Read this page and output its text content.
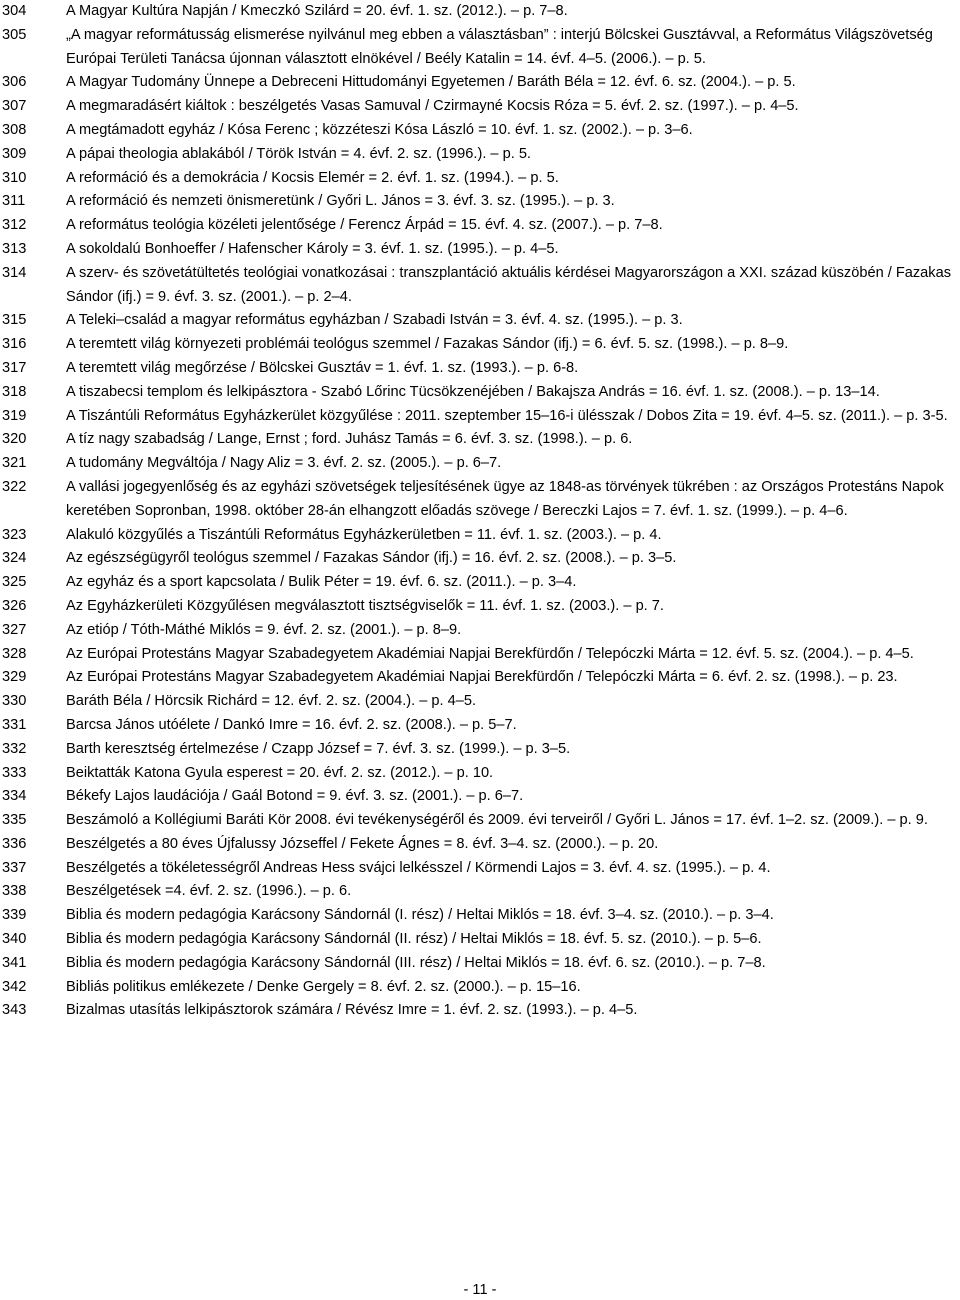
304	A Magyar Kultúra Napján / Kmeczkó Szilárd = 20. évf. 1. sz. (2012.). – p. 7–8.
305	„A magyar reformátusság elismerése nyilvánul meg ebben a választásban” : interjú Bölcskei Gusztávval, a Református Világszövetség Európai Területi Tanácsa újonnan választott elnökével / Beély Katalin = 14. évf. 4–5. (2006.). – p. 5.
306	A Magyar Tudomány Ünnepe a Debreceni Hittudományi Egyetemen / Baráth Béla = 12. évf. 6. sz. (2004.). – p. 5.
307	A megmaradásért kiáltok : beszélgetés Vasas Samuval / Czirmayné Kocsis Róza = 5. évf. 2. sz. (1997.). – p. 4–5.
308	A megtámadott egyház / Kósa Ferenc ; közzéteszi Kósa László = 10. évf. 1. sz. (2002.). – p. 3–6.
309	A pápai theologia ablakából / Török István = 4. évf. 2. sz. (1996.). – p. 5.
310	A reformáció és a demokrácia / Kocsis Elemér = 2. évf. 1. sz. (1994.). – p. 5.
311	A reformáció és nemzeti önismeretünk / Győri L. János = 3. évf. 3. sz. (1995.). – p. 3.
312	A református teológia közéleti jelentősége / Ferencz Árpád = 15. évf. 4. sz. (2007.). – p. 7–8.
313	A sokoldalú Bonhoeffer / Hafenscher Károly = 3. évf. 1. sz. (1995.). – p. 4–5.
314	A szerv- és szövetátültetés teológiai vonatkozásai : transzplantáció aktuális kérdései Magyarországon a XXI. század küszöbén / Fazakas Sándor (ifj.) = 9. évf. 3. sz. (2001.). – p. 2–4.
315	A Teleki–család a magyar református egyházban / Szabadi István = 3. évf. 4. sz. (1995.). – p. 3.
316	A teremtett világ környezeti problémái teológus szemmel / Fazakas Sándor (ifj.) = 6. évf. 5. sz. (1998.). – p. 8–9.
317	A teremtett világ megőrzése / Bölcskei Gusztáv = 1. évf. 1. sz. (1993.). – p. 6-8.
318	A tiszabecsi templom és lelkipásztora - Szabó Lőrinc Tücsökzenéjében / Bakajsza András = 16. évf. 1. sz. (2008.). – p. 13–14.
319	A Tiszántúli Református Egyházkerület közgyűlése : 2011. szeptember 15–16-i ülésszak / Dobos Zita = 19. évf. 4–5. sz. (2011.). – p. 3-5.
320	A tíz nagy szabadság / Lange, Ernst ; ford. Juhász Tamás = 6. évf. 3. sz. (1998.). – p. 6.
321	A tudomány Megváltója / Nagy Aliz = 3. évf. 2. sz. (2005.). – p. 6–7.
322	A vallási jogegyenlőség és az egyházi szövetségek teljesítésének ügye az 1848-as törvények tükrében : az Országos Protestáns Napok keretében Sopronban, 1998. október 28-án elhangzott előadás szövege / Bereczki Lajos = 7. évf. 1. sz. (1999.). – p. 4–6.
323	Alakuló közgyűlés a Tiszántúli Református Egyházkerületben = 11. évf. 1. sz. (2003.). – p. 4.
324	Az egészségügyről teológus szemmel / Fazakas Sándor (ifj.) = 16. évf. 2. sz. (2008.). – p. 3–5.
325	Az egyház és a sport kapcsolata / Bulik Péter = 19. évf. 6. sz. (2011.). – p. 3–4.
326	Az Egyházkerületi Közgyűlésen megválasztott tisztségviselők = 11. évf. 1. sz. (2003.). – p. 7.
327	Az etióp / Tóth-Máthé Miklós = 9. évf. 2. sz. (2001.). – p. 8–9.
328	Az Európai Protestáns Magyar Szabadegyetem Akadémiai Napjai Berekfürdőn / Telepóczki Márta = 12. évf. 5. sz. (2004.). – p. 4–5.
329	Az Európai Protestáns Magyar Szabadegyetem Akadémiai Napjai Berekfürdőn / Telepóczki Márta = 6. évf. 2. sz. (1998.). – p. 23.
330	Baráth Béla / Hörcsik Richárd = 12. évf. 2. sz. (2004.). – p. 4–5.
331	Barcsa János utóélete / Dankó Imre = 16. évf. 2. sz. (2008.). – p. 5–7.
332	Barth keresztség értelmezése / Czapp József = 7. évf. 3. sz. (1999.). – p. 3–5.
333	Beiktatták Katona Gyula esperest = 20. évf. 2. sz. (2012.). – p. 10.
334	Békefy Lajos laudációja / Gaál Botond = 9. évf. 3. sz. (2001.). – p. 6–7.
335	Beszámoló a Kollégiumi Baráti Kör 2008. évi tevékenységéről és 2009. évi terveiről / Győri L. János = 17. évf. 1–2. sz. (2009.). – p. 9.
336	Beszélgetés a 80 éves Újfalussy Józseffel / Fekete Ágnes = 8. évf. 3–4. sz. (2000.). – p. 20.
337	Beszélgetés a tökéletességről Andreas Hess svájci lelkésszel / Körmendi Lajos = 3. évf. 4. sz. (1995.). – p. 4.
338	Beszélgetések =4. évf. 2. sz. (1996.). – p. 6.
339	Biblia és modern pedagógia Karácsony Sándornál (I. rész) / Heltai Miklós = 18. évf. 3–4. sz. (2010.). – p. 3–4.
340	Biblia és modern pedagógia Karácsony Sándornál (II. rész) / Heltai Miklós = 18. évf. 5. sz. (2010.). – p. 5–6.
341	Biblia és modern pedagógia Karácsony Sándornál (III. rész) / Heltai Miklós = 18. évf. 6. sz. (2010.). – p. 7–8.
342	Bibliás politikus emlékezete / Denke Gergely = 8. évf. 2. sz. (2000.). – p. 15–16.
343	Bizalmas utasítás lelkipásztorok számára / Révész Imre = 1. évf. 2. sz. (1993.). – p. 4–5.
- 11 -
